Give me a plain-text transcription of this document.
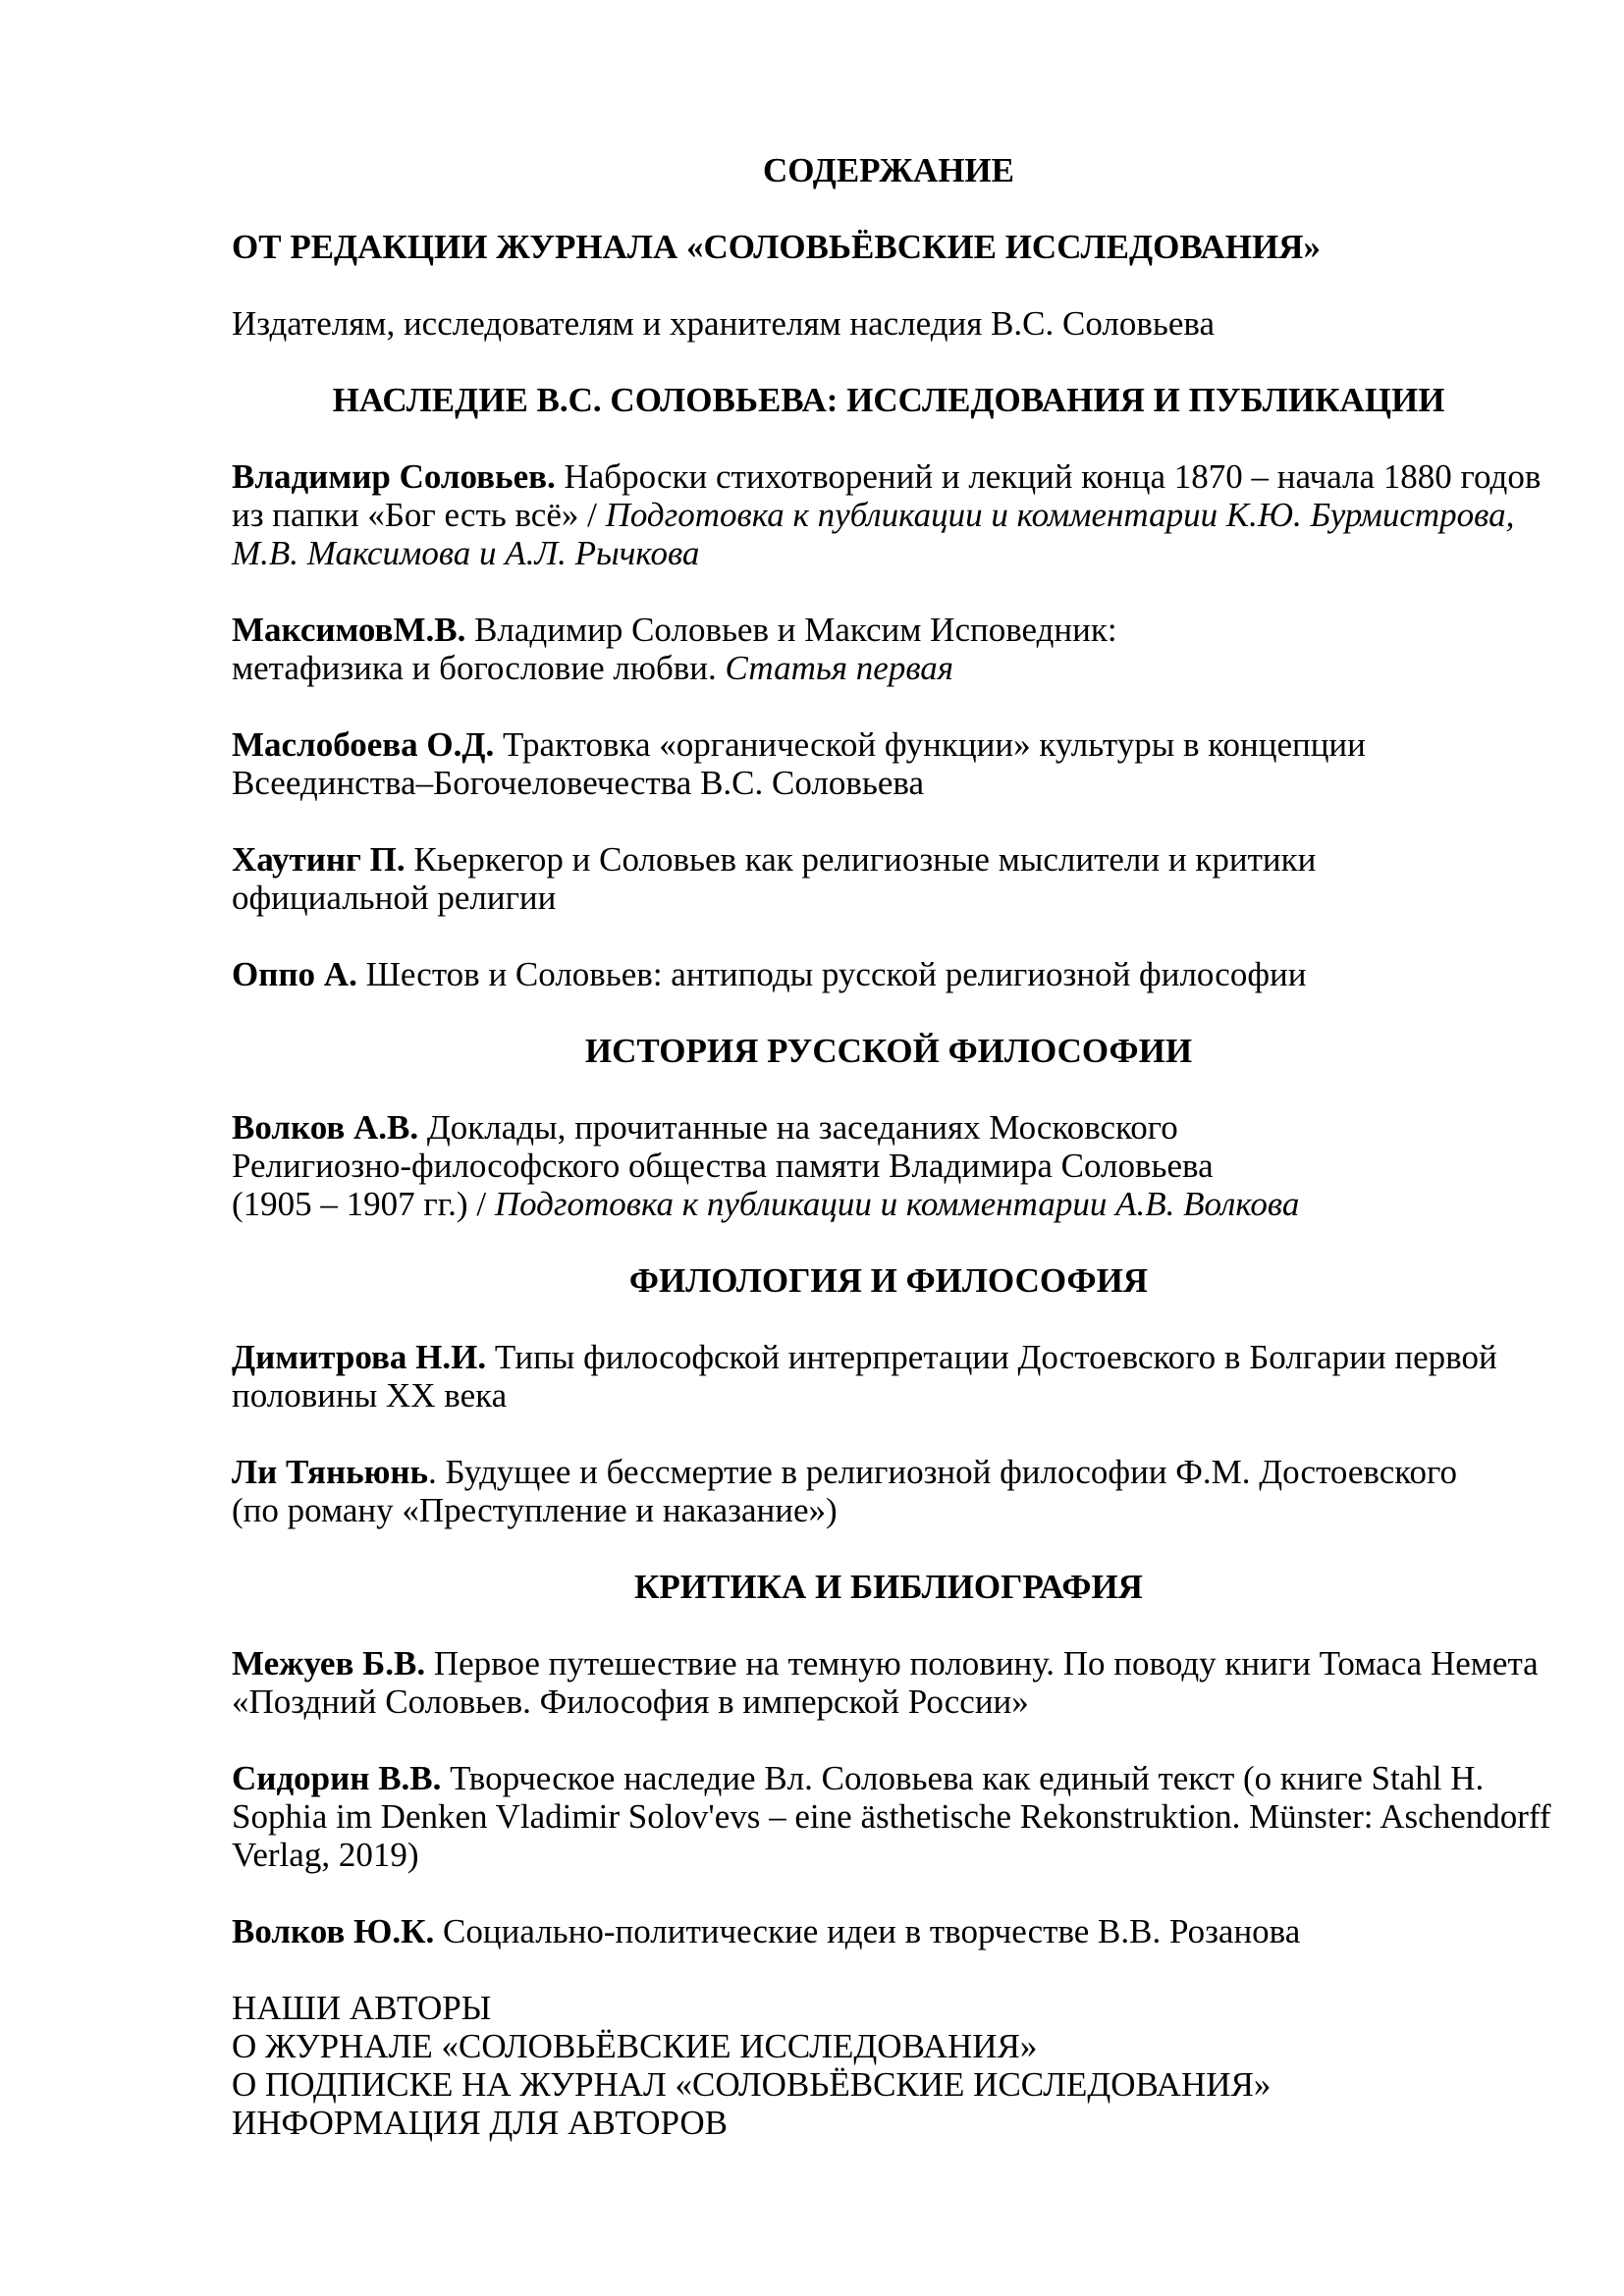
СОДЕРЖАНИЕ
ОТ РЕДАКЦИИ ЖУРНАЛА «СОЛОВЬЁВСКИЕ ИССЛЕДОВАНИЯ»
Издателям, исследователям и хранителям наследия В.С. Соловьева
НАСЛЕДИЕ В.С. СОЛОВЬЕВА: ИССЛЕДОВАНИЯ И ПУБЛИКАЦИИ
Владимир Соловьев. Наброски стихотворений и лекций конца 1870 – начала 1880 годов
из папки «Бог есть всё» / Подготовка к публикации и комментарии К.Ю. Бурмистрова,
М.В. Максимова и А.Л. Рычкова
МаксимовМ.В. Владимир Соловьев и Максим Исповедник:
метафизика и богословие любви. Статья первая
Маслобоева О.Д. Трактовка «органической функции» культуры в концепции
Всеединства–Богочеловечества В.С. Соловьева
Хаутинг П. Кьеркегор и Соловьев как религиозные мыслители и критики
официальной религии
Оппо А. Шестов и Соловьев: антиподы русской религиозной философии
ИСТОРИЯ РУССКОЙ ФИЛОСОФИИ
Волков А.В. Доклады, прочитанные на заседаниях Московского
Религиозно-философского общества памяти Владимира Соловьева
(1905 – 1907 гг.) / Подготовка к публикации и комментарии А.В. Волкова
ФИЛОЛОГИЯ И ФИЛОСОФИЯ
Димитрова Н.И. Типы философской интерпретации Достоевского в Болгарии первой
половины XX века
Ли Тяньюнь. Будущее и бессмертие в религиозной философии Ф.М. Достоевского
(по роману «Преступление и наказание»)
КРИТИКА И БИБЛИОГРАФИЯ
Межуев Б.В. Первое путешествие на темную половину. По поводу книги Томаса Немета
«Поздний Соловьев. Философия в имперской России»
Сидорин В.В. Творческое наследие Вл. Соловьева как единый текст (о книге Stahl H.
Sophia im Denken Vladimir Solov'evs – eine ästhetische Rekonstruktion. Münster: Aschendorff
Verlag, 2019)
Волков Ю.К. Социально-политические идеи в творчестве В.В. Розанова
НАШИ АВТОРЫ
О ЖУРНАЛЕ «СОЛОВЬЁВСКИЕ ИССЛЕДОВАНИЯ»
О ПОДПИСКЕ НА ЖУРНАЛ «СОЛОВЬЁВСКИЕ ИССЛЕДОВАНИЯ»
ИНФОРМАЦИЯ ДЛЯ АВТОРОВ
